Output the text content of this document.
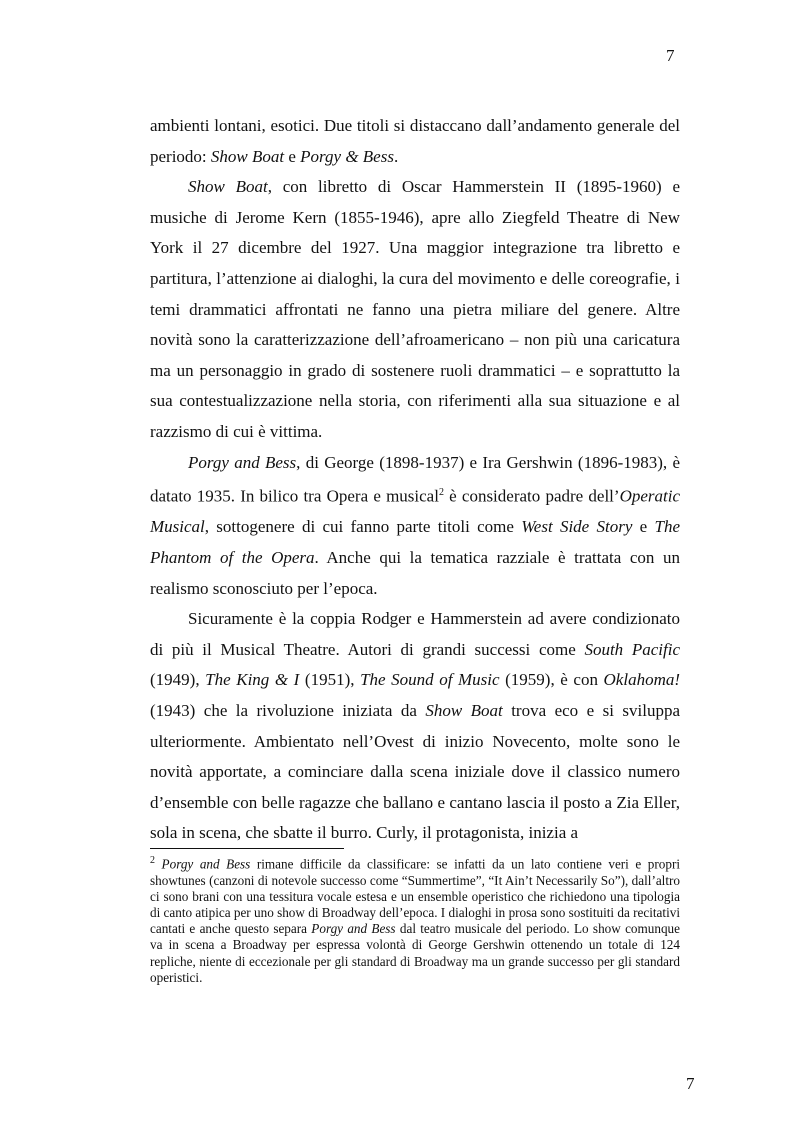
7

ambienti lontani, esotici. Due titoli si distaccano dall’andamento generale del periodo: Show Boat e Porgy & Bess.

Show Boat, con libretto di Oscar Hammerstein II (1895-1960) e musiche di Jerome Kern (1855-1946), apre allo Ziegfeld Theatre di New York il 27 dicembre del 1927. Una maggior integrazione tra libretto e partitura, l’attenzione ai dialoghi, la cura del movimento e delle coreografie, i temi drammatici affrontati ne fanno una pietra miliare del genere. Altre novità sono la caratterizzazione dell’afroamericano – non più una caricatura ma un personaggio in grado di sostenere ruoli drammatici – e soprattutto la sua contestualizzazione nella storia, con riferimenti alla sua situazione e al razzismo di cui è vittima.

Porgy and Bess, di George (1898-1937) e Ira Gershwin (1896-1983), è datato 1935. In bilico tra Opera e musical$^2$ è considerato padre dell’Operatic Musical, sottogenere di cui fanno parte titoli come West Side Story e The Phantom of the Opera. Anche qui la tematica razziale è trattata con un realismo sconosciuto per l’epoca.

Sicuramente è la coppia Rodger e Hammerstein ad avere condizionato di più il Musical Theatre. Autori di grandi successi come South Pacific (1949), The King & I (1951), The Sound of Music (1959), è con Oklahoma! (1943) che la rivoluzione iniziata da Show Boat trova eco e si sviluppa ulteriormente. Ambientato nell’Ovest di inizio Novecento, molte sono le novità apportate, a cominciare dalla scena iniziale dove il classico numero d’ensemble con belle ragazze che ballano e cantano lascia il posto a Zia Eller, sola in scena, che sbatte il burro. Curly, il protagonista, inizia a

$^2$ Porgy and Bess rimane difficile da classificare: se infatti da un lato contiene veri e propri showtunes (canzoni di notevole successo come “Summertime”, “It Ain’t Necessarily So”), dall’altro ci sono brani con una tessitura vocale estesa e un ensemble operistico che richiedono una tipologia di canto atipica per uno show di Broadway dell’epoca. I dialoghi in prosa sono sostituiti da recitativi cantati e anche questo separa Porgy and Bess dal teatro musicale del periodo. Lo show comunque va in scena a Broadway per espressa volontà di George Gershwin ottenendo un totale di 124 repliche, niente di eccezionale per gli standard di Broadway ma un grande successo per gli standard operistici.
7
